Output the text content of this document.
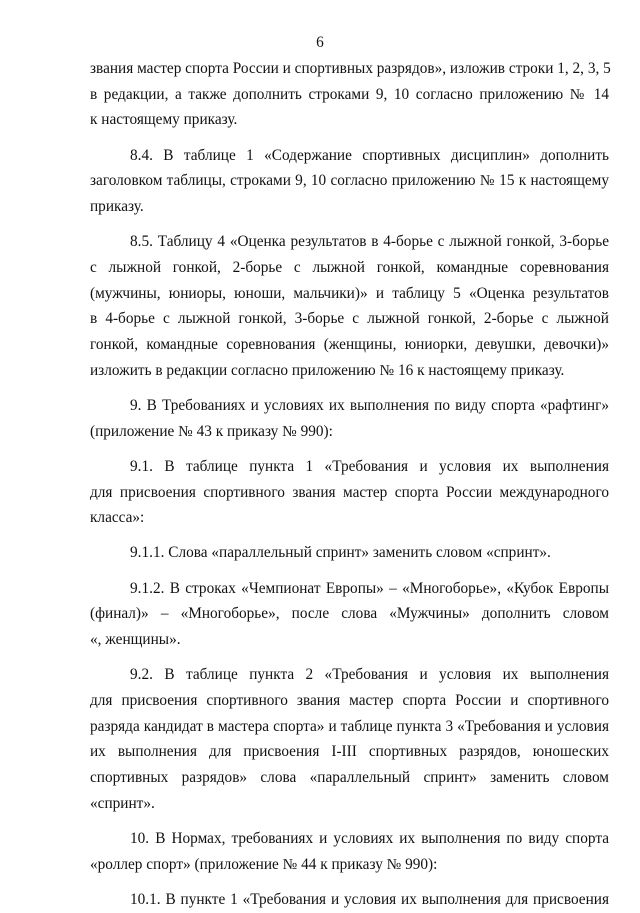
6
звания мастер спорта России и спортивных разрядов», изложив строки 1, 2, 3, 5
в редакции, а также дополнить строками 9, 10 согласно приложению № 14
к настоящему приказу.
8.4. В таблице 1 «Содержание спортивных дисциплин» дополнить
заголовком таблицы, строками 9, 10 согласно приложению № 15 к настоящему
приказу.
8.5. Таблицу 4 «Оценка результатов в 4-борье с лыжной гонкой, 3-борье
с лыжной гонкой, 2-борье с лыжной гонкой, командные соревнования
(мужчины, юниоры, юноши, мальчики)» и таблицу 5 «Оценка результатов
в 4-борье с лыжной гонкой, 3-борье с лыжной гонкой, 2-борье с лыжной
гонкой, командные соревнования (женщины, юниорки, девушки, девочки)»
изложить в редакции согласно приложению № 16 к настоящему приказу.
9. В Требованиях и условиях их выполнения по виду спорта «рафтинг»
(приложение № 43 к приказу № 990):
9.1. В таблице пункта 1 «Требования и условия их выполнения
для присвоения спортивного звания мастер спорта России международного
класса»:
9.1.1. Слова «параллельный спринт» заменить словом «спринт».
9.1.2. В строках «Чемпионат Европы» – «Многоборье», «Кубок Европы
(финал)» – «Многоборье», после слова «Мужчины» дополнить словом
«, женщины».
9.2. В таблице пункта 2 «Требования и условия их выполнения
для присвоения спортивного звания мастер спорта России и спортивного
разряда кандидат в мастера спорта» и таблице пункта 3 «Требования и условия
их выполнения для присвоения I-III спортивных разрядов, юношеских
спортивных разрядов» слова «параллельный спринт» заменить словом
«спринт».
10. В Нормах, требованиях и условиях их выполнения по виду спорта
«роллер спорт» (приложение № 44 к приказу № 990):
10.1. В пункте 1 «Требования и условия их выполнения для присвоения
